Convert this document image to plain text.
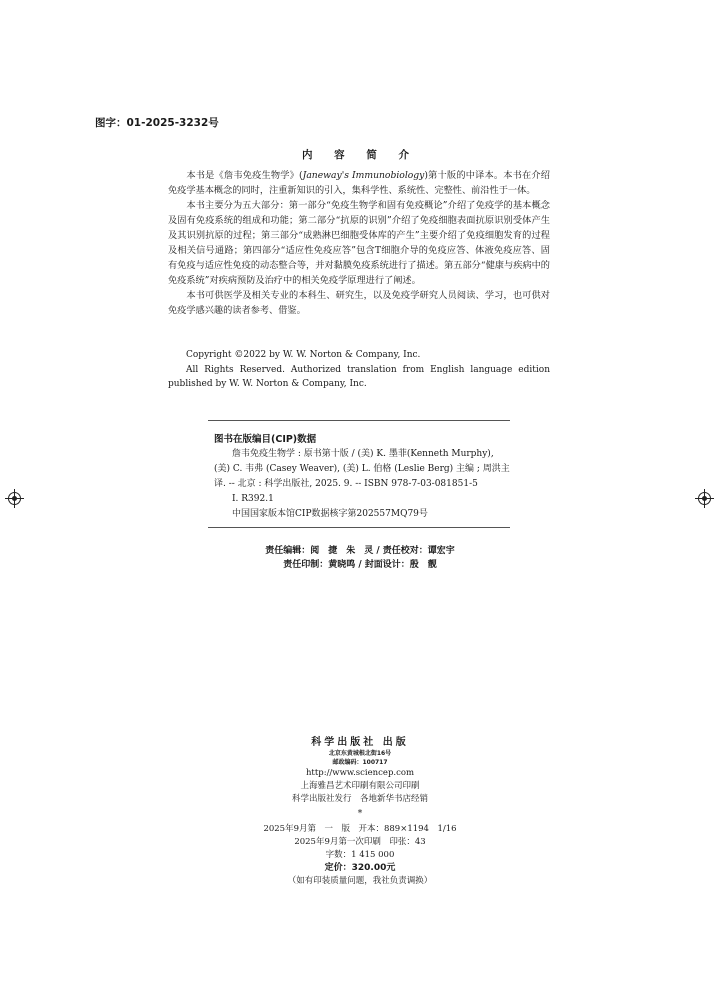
图字：01-2025-3232号
内 容 简 介

本书是《詹韦免疫生物学》(Janeway's Immunobiology)第十版的中译本。本书在介绍免疫学基本概念的同时，注重新知识的引入，集科学性、系统性、完整性、前沿性于一体。

本书主要分为五大部分：第一部分“免疫生物学和固有免疫概论”介绍了免疫学的基本概念及固有免疫系统的组成和功能；第二部分“抗原的识别”介绍了免疫细胞表面抗原识别受体产生及其识别抗原的过程；第三部分“成熟淋巴细胞受体库的产生”主要介绍了免疫细胞发育的过程及相关信号通路；第四部分“适应性免疫应答”包含T细胞介导的免疫应答、体液免疫应答、固有免疫与适应性免疫的动态整合等，并对黏膜免疫系统进行了描述。第五部分“健康与疾病中的免疫系统”对疾病预防及治疗中的相关免疫学原理进行了阐述。

本书可供医学及相关专业的本科生、研究生，以及免疫学研究人员阅读、学习，也可供对免疫学感兴趣的读者参考、借鉴。

Copyright ©2022 by W. W. Norton & Company, Inc.

All Rights Reserved. Authorized translation from English language edition published by W. W. Norton & Company, Inc.

图书在版编目(CIP)数据
　　詹韦免疫生物学 : 原书第十版 / (美) K. 墨菲(Kenneth Murphy),
(美) C. 韦弗 (Casey Weaver), (美) L. 伯格 (Leslie Berg) 主编 ; 周洪主
译. -- 北京 : 科学出版社, 2025. 9. -- ISBN 978-7-03-081851-5
　　Ⅰ. R392.1
　　中国国家版本馆CIP数据核字第202557MQ79号
责任编辑：阅　捷　朱　灵 / 责任校对：谭宏宇
责任印制：黄晓鸣 / 封面设计：殷　靓
科学出版社 出版
北京东黄城根北街16号
邮政编码：100717
http://www.sciencep.com
上海雅昌艺术印刷有限公司印刷
科学出版社发行　各地新华书店经销
*
2025年9月第　一　版　开本：889×1194　1/16
2025年9月第一次印刷　印张：43
字数：1 415 000
定价：320.00元
（如有印装质量问题，我社负责调换）
